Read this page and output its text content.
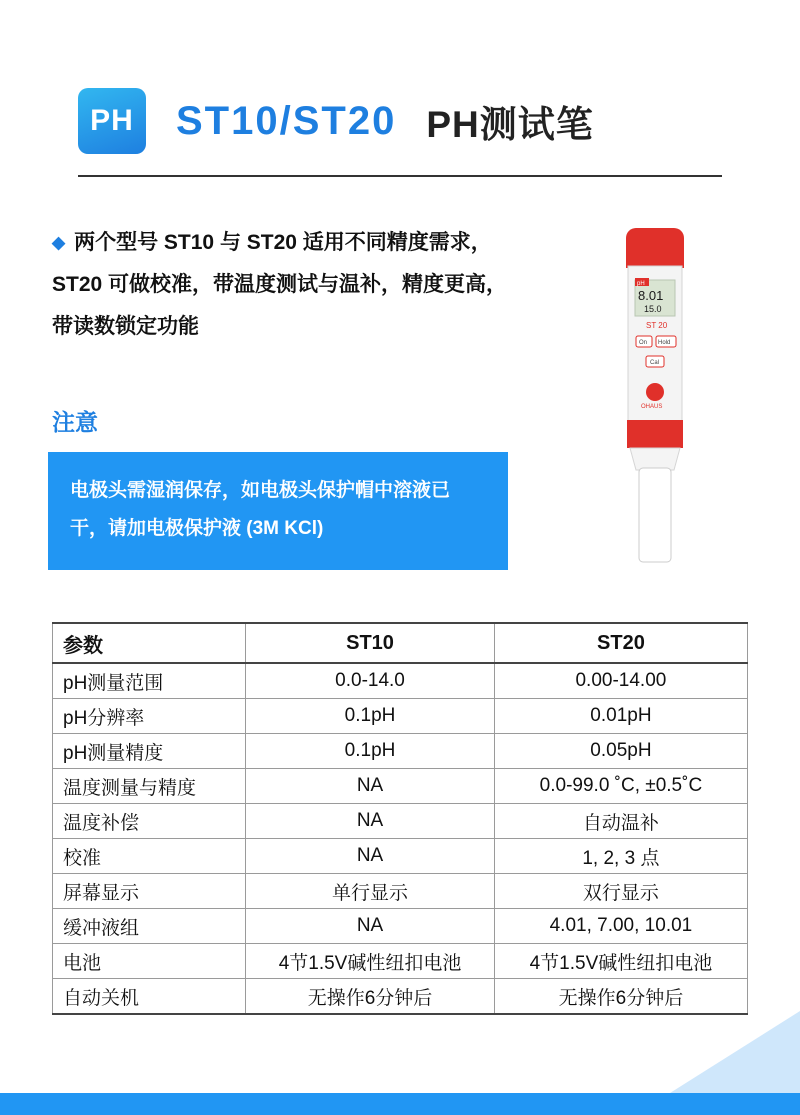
PH	ST10/ST20 PH测试笔
◆ 两个型号 ST10 与 ST20 适用不同精度需求，
ST20 可做校准，带温度测试与温补，精度更高，
带读数锁定功能
注意
电极头需湿润保存，如电极头保护帽中溶液已
干，请加电极保护液 (3M KCl)
pH
8.01
15.0
ST 20
On Hold
Cal
OHAUS
参数	ST10	ST20
pH测量范围	0.0-14.0	0.00-14.00
pH分辨率	0.1pH	0.01pH
pH测量精度	0.1pH	0.05pH
温度测量与精度	NA	0.0-99.0 ˚C, ±0.5˚C
温度补偿	NA	自动温补
校准	NA	1, 2, 3 点
屏幕显示	单行显示	双行显示
缓冲液组	NA	4.01, 7.00, 10.01
电池	4节1.5V碱性纽扣电池	4节1.5V碱性纽扣电池
自动关机	无操作6分钟后	无操作6分钟后
